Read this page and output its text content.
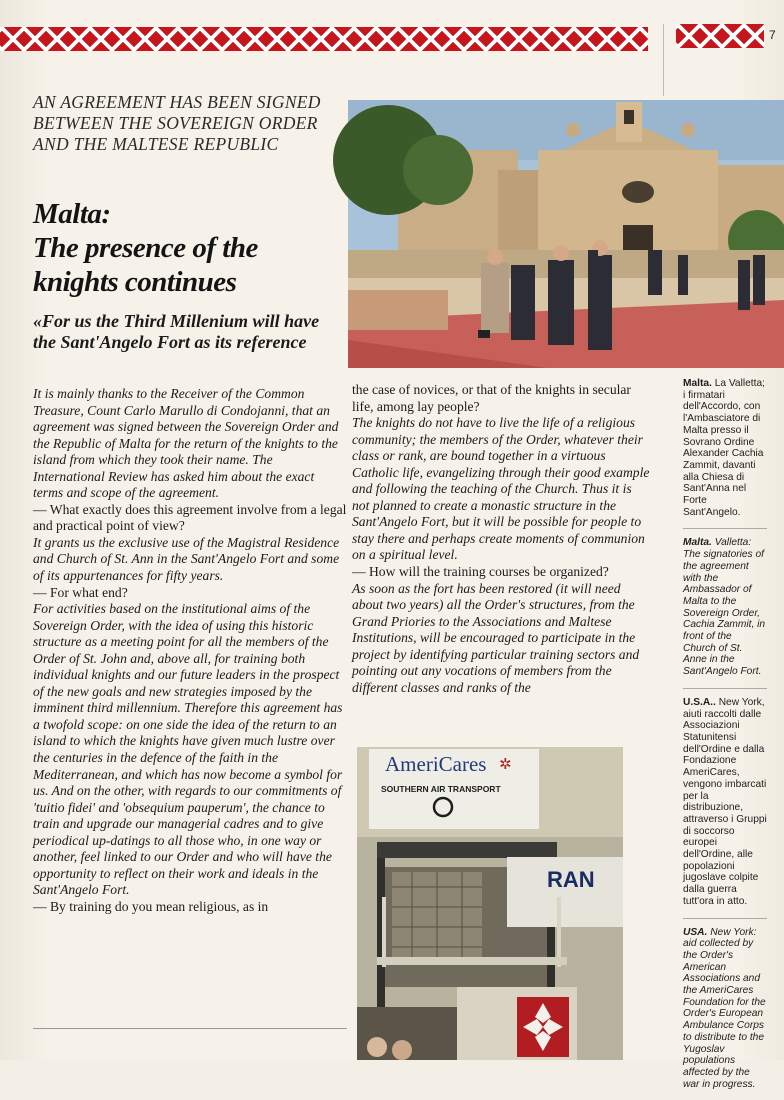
7
AN AGREEMENT HAS BEEN SIGNED BETWEEN THE SOVEREIGN ORDER AND THE MALTESE REPUBLIC
Malta:
The presence of the
knights continues
«For us the Third Millenium will have the Sant'Angelo Fort as its reference

It is mainly thanks to the Receiver of the Common Treasure, Count Carlo Marullo di Condojanni, that an agreement was signed between the Sovereign Order and the Republic of Malta for the return of the knights to the island from which they took their name. The International Review has asked him about the exact terms and scope of the agreement.

— What exactly does this agreement involve from a legal and practical point of view?

It grants us the exclusive use of the Magistral Residence and Church of St. Ann in the Sant'Angelo Fort and some of its appurtenances for fifty years.

— For what end?

For activities based on the institutional aims of the Sovereign Order, with the idea of using this historic structure as a meeting point for all the members of the Order of St. John and, above all, for training both individual knights and our future leaders in the prospect of the new goals and new strategies imposed by the imminent third millennium. Therefore this agreement has a twofold scope: on one side the idea of the return to an island to which the knights have given much lustre over the centuries in the defence of the faith in the Mediterranean, and which has now become a symbol for us. And on the other, with regards to our commitments of 'tuitio fidei' and 'obsequium pauperum', the chance to train and upgrade our managerial cadres and to give periodical up-datings to all those who, in one way or another, feel linked to our Order and who will have the opportunity to reflect on their work and ideals in the Sant'Angelo Fort.

— By training do you mean religious, as in

the case of novices, or that of the knights in secular life, among lay people?

The knights do not have to live the life of a religious community; the members of the Order, whatever their class or rank, are bound together in a virtuous Catholic life, evangelizing through their good example and following the teaching of the Church. Thus it is not planned to create a monastic structure in the Sant'Angelo Fort, but it will be possible for people to stay there and perhaps create moments of communion on a spiritual level.

— How will the training courses be organized?

As soon as the fort has been restored (it will need about two years) all the Order's structures, from the Grand Priories to the Associations and Maltese Institutions, will be encouraged to participate in the project by identifying particular training sectors and pointing out any vocations of members from the different classes and ranks of the

AmeriCares ✲
SOUTHERN AIR TRANSPORT
RAN
Malta. La Valletta; i firmatari dell'Accordo, con l'Ambasciatore di Malta presso il Sovrano Ordine Alexander Cachia Zammit, davanti alla Chiesa di Sant'Anna nel Forte Sant'Angelo.
Malta. Valletta: The signatories of the agreement with the Ambassador of Malta to the Sovereign Order, Cachia Zammit, in front of the Church of St. Anne in the Sant'Angelo Fort.
U.S.A.. New York, aiuti raccolti dalle Associazioni Statunitensi dell'Ordine e dalla Fondazione AmeriCares, vengono imbarcati per la distribuzione, attraverso i Gruppi di soccorso europei dell'Ordine, alle popolazioni jugoslave colpite dalla guerra tutt'ora in atto.
USA. New York: aid collected by the Order's American Associations and the AmeriCares Foundation for the Order's European Ambulance Corps to distribute to the Yugoslav populations affected by the war in progress.
